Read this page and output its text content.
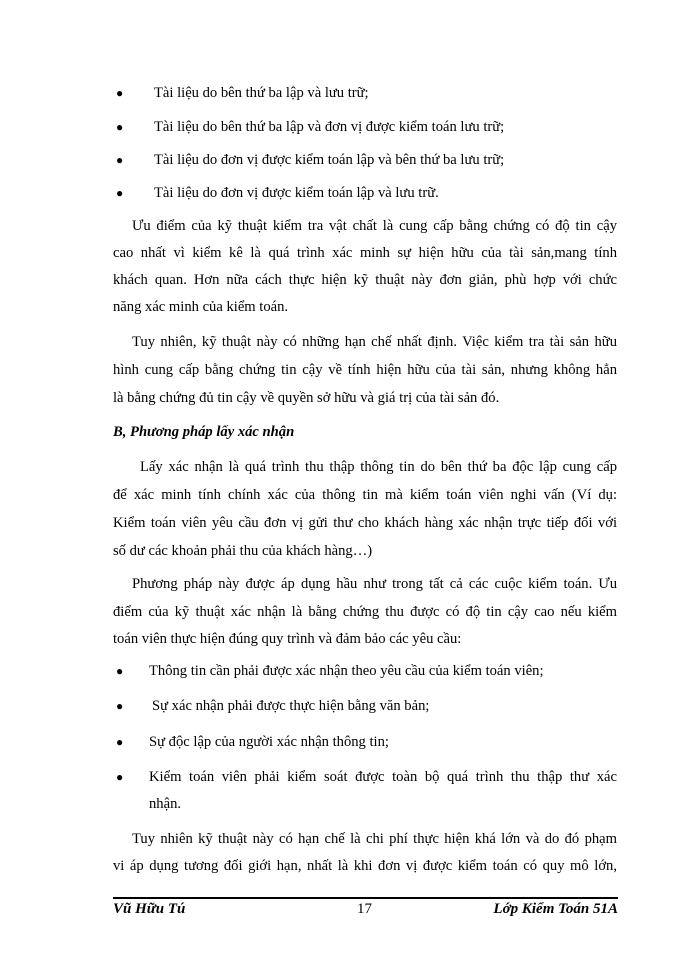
● Tài liệu do bên thứ ba lập và lưu trữ;
● Tài liệu do bên thứ ba lập và đơn vị được kiểm toán lưu trữ;
● Tài liệu do đơn vị được kiểm toán lập và bên thứ ba lưu trữ;
● Tài liệu do đơn vị được kiểm toán lập và lưu trữ.
Ưu điểm của kỹ thuật kiểm tra vật chất là cung cấp bằng chứng có độ tin cậy
cao nhất vì kiểm kê là quá trình xác minh sự hiện hữu của tài sản,mang tính
khách quan. Hơn nữa cách thực hiện kỹ thuật này đơn giản, phù hợp với chức
năng xác minh của kiểm toán.
Tuy nhiên, kỹ thuật này có những hạn chế nhất định. Việc kiểm tra tài sản hữu
hình cung cấp bằng chứng tin cậy về tính hiện hữu của tài sản, nhưng không hẳn
là bằng chứng đủ tin cậy về quyền sở hữu và giá trị của tài sản đó.
B, Phương pháp lấy xác nhận
Lấy xác nhận là quá trình thu thập thông tin do bên thứ ba độc lập cung cấp
để xác minh tính chính xác của thông tin mà kiểm toán viên nghi vấn (Ví dụ:
Kiểm toán viên yêu cầu đơn vị gửi thư cho khách hàng xác nhận trực tiếp đối với
số dư các khoản phải thu của khách hàng…)
Phương pháp này được áp dụng hầu như trong tất cả các cuộc kiểm toán. Ưu
điểm của kỹ thuật xác nhận là bằng chứng thu được có độ tin cậy cao nếu kiểm
toán viên thực hiện đúng quy trình và đảm bảo các yêu cầu:
● Thông tin cần phải được xác nhận theo yêu cầu của kiểm toán viên;
● Sự xác nhận phải được thực hiện bằng văn bản;
● Sự độc lập của người xác nhận thông tin;
● Kiểm toán viên phải kiểm soát được toàn bộ quá trình thu thập thư xác
nhận.
Tuy nhiên kỹ thuật này có hạn chế là chi phí thực hiện khá lớn và do đó phạm
vi áp dụng tương đối giới hạn, nhất là khi đơn vị được kiểm toán có quy mô lớn,
Vũ Hữu Tú	17	Lớp Kiểm Toán 51A
